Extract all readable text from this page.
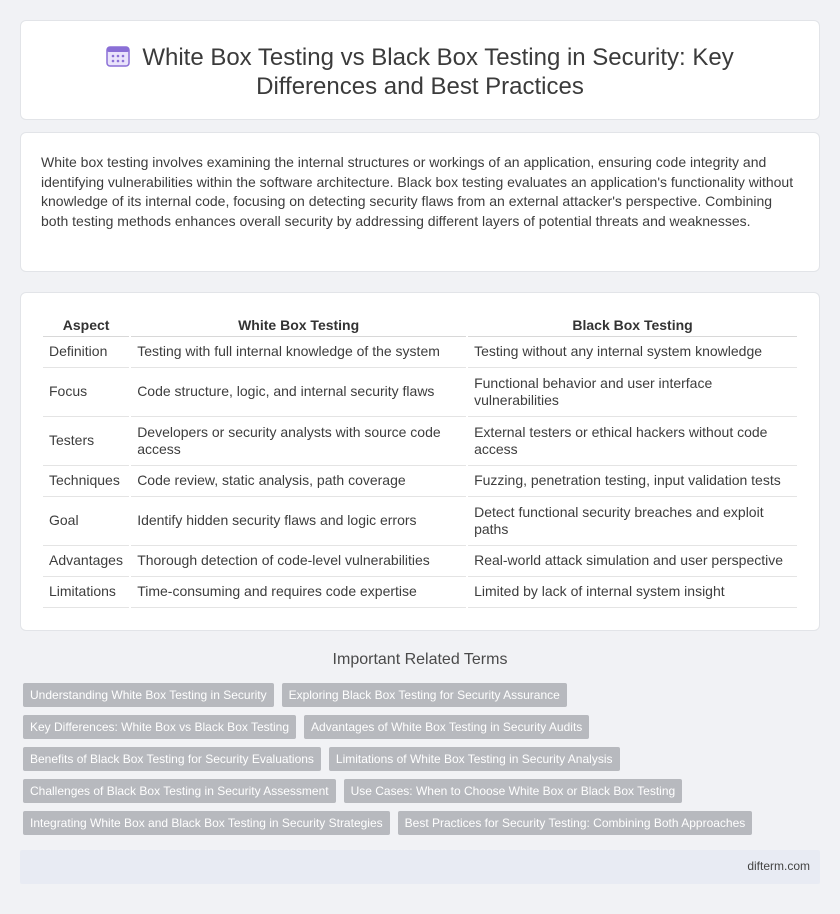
White Box Testing vs Black Box Testing in Security: Key
Differences and Best Practices

White box testing involves examining the internal structures or workings of an application, ensuring code integrity and identifying vulnerabilities within the software architecture. Black box testing evaluates an application's functionality without knowledge of its internal code, focusing on detecting security flaws from an external attacker's perspective. Combining both testing methods enhances overall security by addressing different layers of potential threats and weaknesses.

Aspect	White Box Testing	Black Box Testing
Definition	Testing with full internal knowledge of the system	Testing without any internal system knowledge
Focus	Code structure, logic, and internal security flaws	Functional behavior and user interface vulnerabilities
Testers	Developers or security analysts with source code access	External testers or ethical hackers without code access
Techniques	Code review, static analysis, path coverage	Fuzzing, penetration testing, input validation tests
Goal	Identify hidden security flaws and logic errors	Detect functional security breaches and exploit paths
Advantages	Thorough detection of code-level vulnerabilities	Real-world attack simulation and user perspective
Limitations	Time-consuming and requires code expertise	Limited by lack of internal system insight
Important Related Terms
Understanding White Box Testing in Security	Exploring Black Box Testing for Security Assurance
Key Differences: White Box vs Black Box Testing	Advantages of White Box Testing in Security Audits
Benefits of Black Box Testing for Security Evaluations	Limitations of White Box Testing in Security Analysis
Challenges of Black Box Testing in Security Assessment	Use Cases: When to Choose White Box or Black Box Testing
Integrating White Box and Black Box Testing in Security Strategies	Best Practices for Security Testing: Combining Both Approaches
difterm.com
